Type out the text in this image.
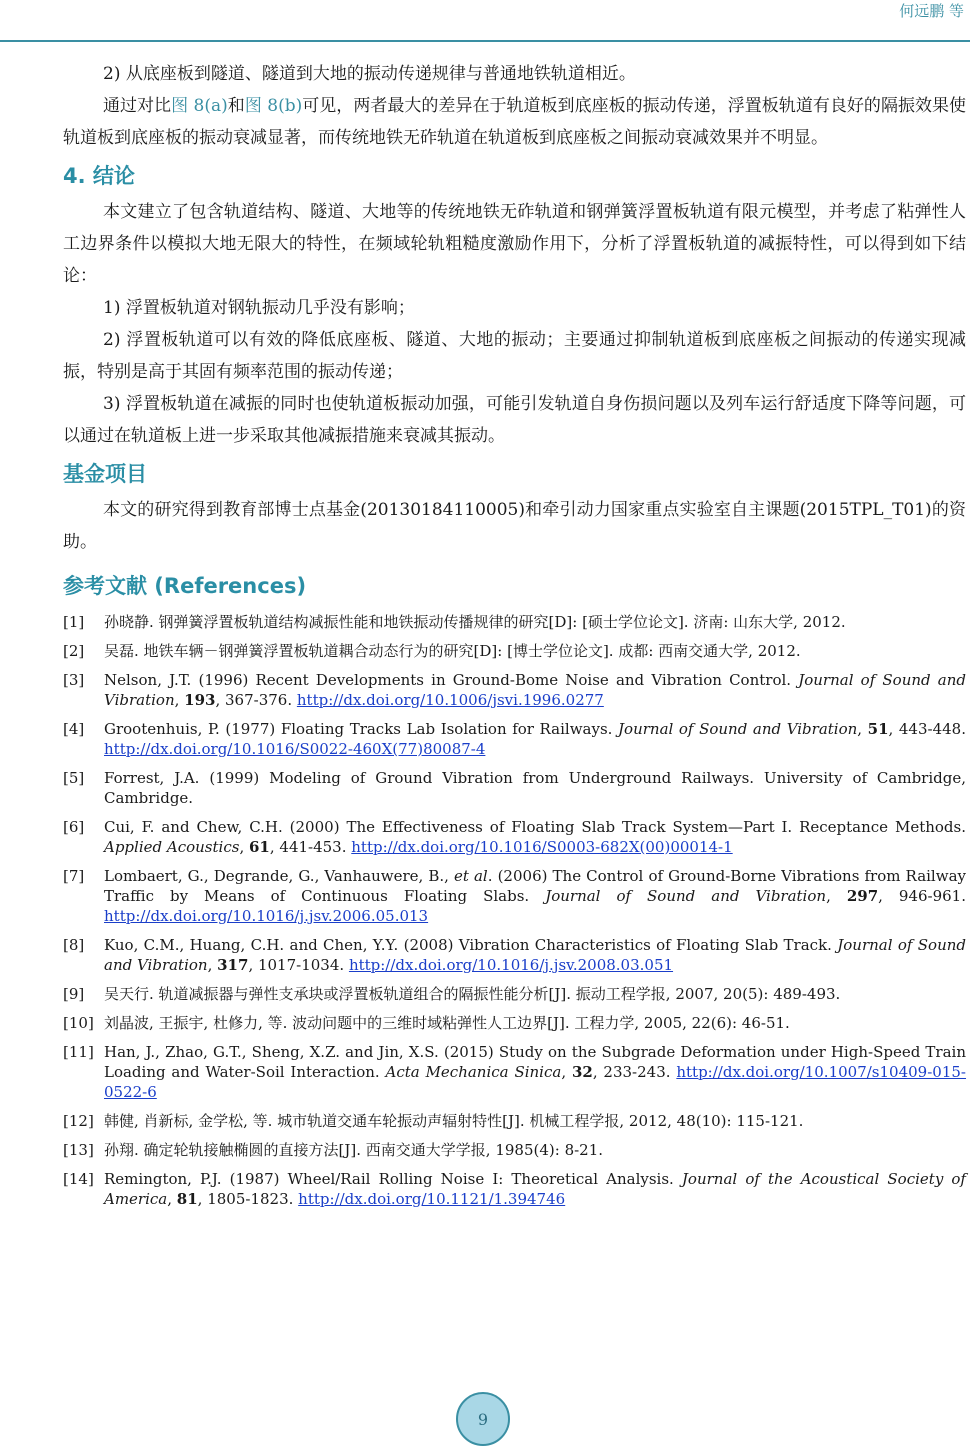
何远鹏 等

2) 从底座板到隧道、隧道到大地的振动传递规律与普通地铁轨道相近。

通过对比图 8(a)和图 8(b)可见，两者最大的差异在于轨道板到底座板的振动传递，浮置板轨道有良好的隔振效果使轨道板到底座板的振动衰减显著，而传统地铁无砟轨道在轨道板到底座板之间振动衰减效果并不明显。

4. 结论

本文建立了包含轨道结构、隧道、大地等的传统地铁无砟轨道和钢弹簧浮置板轨道有限元模型，并考虑了粘弹性人工边界条件以模拟大地无限大的特性，在频域轮轨粗糙度激励作用下，分析了浮置板轨道的减振特性，可以得到如下结论：

1) 浮置板轨道对钢轨振动几乎没有影响；

2) 浮置板轨道可以有效的降低底座板、隧道、大地的振动；主要通过抑制轨道板到底座板之间振动的传递实现减振，特别是高于其固有频率范围的振动传递；

3) 浮置板轨道在减振的同时也使轨道板振动加强，可能引发轨道自身伤损问题以及列车运行舒适度下降等问题，可以通过在轨道板上进一步采取其他减振措施来衰减其振动。

基金项目

本文的研究得到教育部博士点基金(20130184110005)和牵引动力国家重点实验室自主课题(2015TPL_T01)的资助。

参考文献 (References)
[1] 孙晓静. 钢弹簧浮置板轨道结构减振性能和地铁振动传播规律的研究[D]: [硕士学位论文]. 济南: 山东大学, 2012.
[2] 吴磊. 地铁车辆－钢弹簧浮置板轨道耦合动态行为的研究[D]: [博士学位论文]. 成都: 西南交通大学, 2012.
[3] Nelson, J.T. (1996) Recent Developments in Ground-Bome Noise and Vibration Control. Journal of Sound and Vibration, 193, 367-376. http://dx.doi.org/10.1006/jsvi.1996.0277
[4] Grootenhuis, P. (1977) Floating Tracks Lab Isolation for Railways. Journal of Sound and Vibration, 51, 443-448. http://dx.doi.org/10.1016/S0022-460X(77)80087-4
[5] Forrest, J.A. (1999) Modeling of Ground Vibration from Underground Railways. University of Cambridge, Cambridge.
[6] Cui, F. and Chew, C.H. (2000) The Effectiveness of Floating Slab Track System—Part I. Receptance Methods. Applied Acoustics, 61, 441-453. http://dx.doi.org/10.1016/S0003-682X(00)00014-1
[7] Lombaert, G., Degrande, G., Vanhauwere, B., et al. (2006) The Control of Ground-Borne Vibrations from Railway Traffic by Means of Continuous Floating Slabs. Journal of Sound and Vibration, 297, 946-961. http://dx.doi.org/10.1016/j.jsv.2006.05.013
[8] Kuo, C.M., Huang, C.H. and Chen, Y.Y. (2008) Vibration Characteristics of Floating Slab Track. Journal of Sound and Vibration, 317, 1017-1034. http://dx.doi.org/10.1016/j.jsv.2008.03.051
[9] 吴天行. 轨道减振器与弹性支承块或浮置板轨道组合的隔振性能分析[J]. 振动工程学报, 2007, 20(5): 489-493.
[10] 刘晶波, 王振宇, 杜修力, 等. 波动问题中的三维时域粘弹性人工边界[J]. 工程力学, 2005, 22(6): 46-51.
[11] Han, J., Zhao, G.T., Sheng, X.Z. and Jin, X.S. (2015) Study on the Subgrade Deformation under High-Speed Train Loading and Water-Soil Interaction. Acta Mechanica Sinica, 32, 233-243. http://dx.doi.org/10.1007/s10409-015-0522-6
[12] 韩健, 肖新标, 金学松, 等. 城市轨道交通车轮振动声辐射特性[J]. 机械工程学报, 2012, 48(10): 115-121.
[13] 孙翔. 确定轮轨接触椭圆的直接方法[J]. 西南交通大学学报, 1985(4): 8-21.
[14] Remington, P.J. (1987) Wheel/Rail Rolling Noise I: Theoretical Analysis. Journal of the Acoustical Society of America, 81, 1805-1823. http://dx.doi.org/10.1121/1.394746
9
